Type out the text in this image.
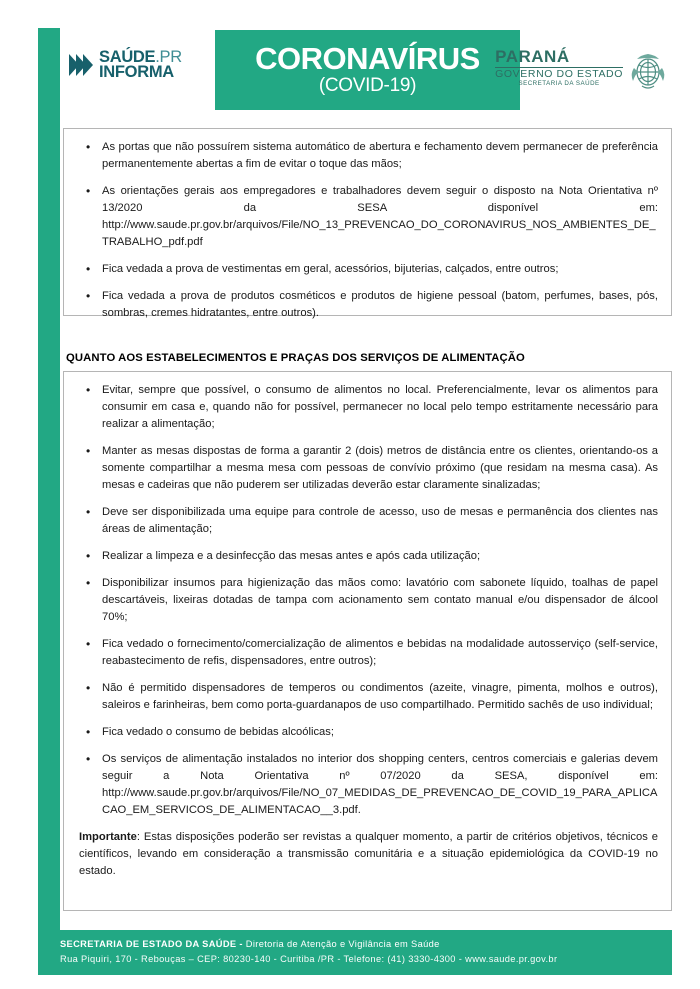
SAÚDE.PR
INFORMA	CORONAVÍRUS
(COVID-19)
PARANÁ
GOVERNO DO ESTADO
SECRETARIA DA SAÚDE
• As portas que não possuírem sistema automático de abertura e fechamento devem permanecer de preferência permanentemente abertas a fim de evitar o toque das mãos;
• As orientações gerais aos empregadores e trabalhadores devem seguir o disposto na Nota Orientativa nº 13/2020 da SESA disponível em:
http://www.saude.pr.gov.br/arquivos/File/NO_13_PREVENCAO_DO_CORONAVIRUS_NOS_AMBIENTES_DE_TRABALHO_pdf.pdf
• Fica vedada a prova de vestimentas em geral, acessórios, bijuterias, calçados, entre outros;
• Fica vedada a prova de produtos cosméticos e produtos de higiene pessoal (batom, perfumes, bases, pós, sombras, cremes hidratantes, entre outros).
QUANTO AOS ESTABELECIMENTOS E PRAÇAS DOS SERVIÇOS DE ALIMENTAÇÃO
• Evitar, sempre que possível, o consumo de alimentos no local. Preferencialmente, levar os alimentos para consumir em casa e, quando não for possível, permanecer no local pelo tempo estritamente necessário para realizar a alimentação;
• Manter as mesas dispostas de forma a garantir 2 (dois) metros de distância entre os clientes, orientando-os a somente compartilhar a mesma mesa com pessoas de convívio próximo (que residam na mesma casa). As mesas e cadeiras que não puderem ser utilizadas deverão estar claramente sinalizadas;
• Deve ser disponibilizada uma equipe para controle de acesso, uso de mesas e permanência dos clientes nas áreas de alimentação;
• Realizar a limpeza e a desinfecção das mesas antes e após cada utilização;
• Disponibilizar insumos para higienização das mãos como: lavatório com sabonete líquido, toalhas de papel descartáveis, lixeiras dotadas de tampa com acionamento sem contato manual e/ou dispensador de álcool 70%;
• Fica vedado o fornecimento/comercialização de alimentos e bebidas na modalidade autosserviço (self-service, reabastecimento de refis, dispensadores, entre outros);
• Não é permitido dispensadores de temperos ou condimentos (azeite, vinagre, pimenta, molhos e outros), saleiros e farinheiras, bem como porta-guardanapos de uso compartilhado. Permitido sachês de uso individual;
• Fica vedado o consumo de bebidas alcoólicas;
• Os serviços de alimentação instalados no interior dos shopping centers, centros comerciais e galerias devem seguir a Nota Orientativa nº 07/2020 da SESA, disponível em:
http://www.saude.pr.gov.br/arquivos/File/NO_07_MEDIDAS_DE_PREVENCAO_DE_COVID_19_PARA_APLICACAO_EM_SERVICOS_DE_ALIMENTACAO__3.pdf.

Importante: Estas disposições poderão ser revistas a qualquer momento, a partir de critérios objetivos, técnicos e científicos, levando em consideração a transmissão comunitária e a situação epidemiológica da COVID-19 no estado.

SECRETARIA DE ESTADO DA SAÚDE - Diretoria de Atenção e Vigilância em Saúde
Rua Piquiri, 170 - Rebouças – CEP: 80230-140 - Curitiba /PR - Telefone: (41) 3330-4300 - www.saude.pr.gov.br
